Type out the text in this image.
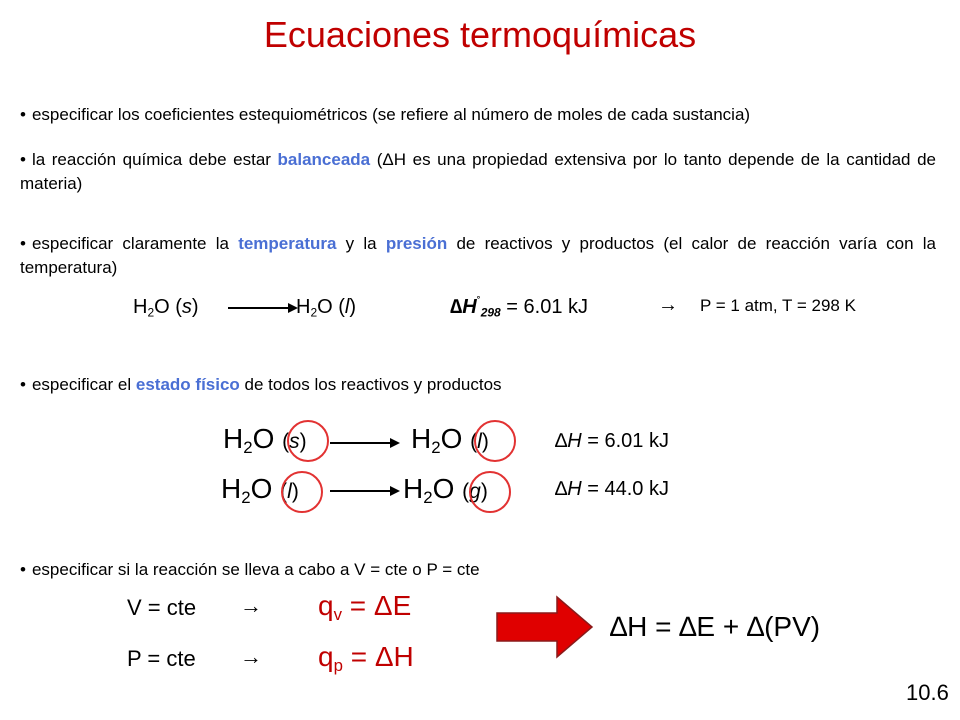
Ecuaciones termoquímicas
• especificar los coeficientes estequiométricos (se refiere al número de moles de cada sustancia)
• la reacción química debe estar balanceada (ΔH es una propiedad extensiva por lo tanto depende de la cantidad de materia)
• especificar claramente la temperatura y la presión de reactivos y productos (el calor de reacción varía con la temperatura)
$H_2O$ (s)	$H_2O$ (l)	$\Delta H^˚_{298} = 6.01$ kJ	→ P = 1 atm, T = 298 K
• especificar el estado físico de todos los reactivos y productos
$H_2O$ (s)	$H_2O$ (l)	∆H = 6.01 kJ
$H_2O$ (l)	$H_2O$ (g)	∆H = 44.0 kJ
• especificar si la reacción se lleva a cabo a V = cte o P = cte
V = cte → $q_v = \Delta E$
P = cte → $q_p = \Delta H$
∆H = ∆E + ∆(PV)
10.6
